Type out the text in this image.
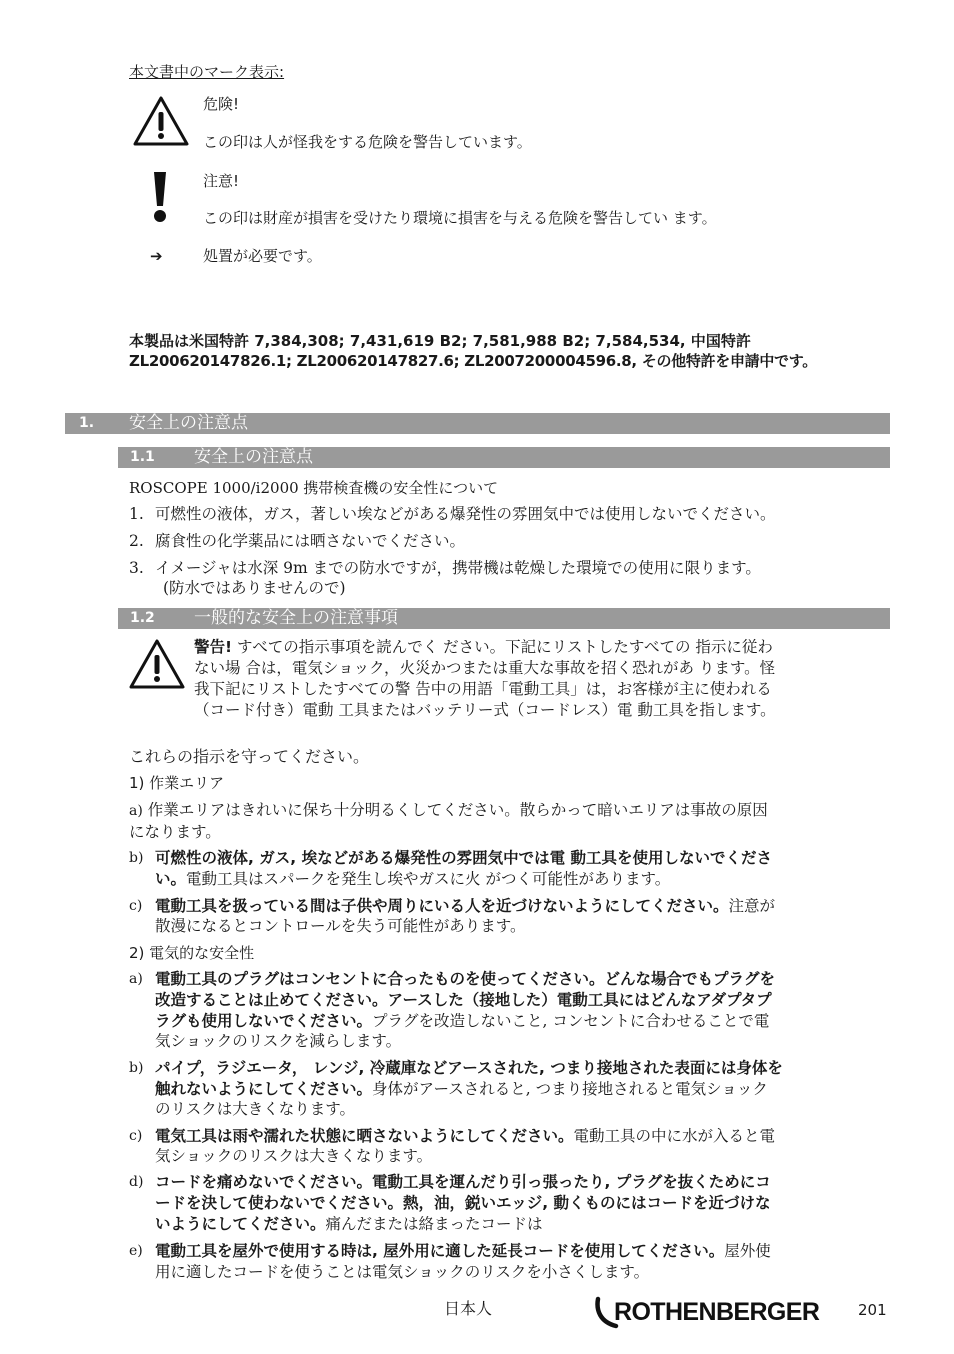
本文書中のマーク表示:
危険!
この印は人が怪我をする危険を警告しています。
注意!
この印は財産が損害を受けたり環境に損害を与える危険を警告してい ます。
➔	処置が必要です。
本製品は米国特許 7,384,308; 7,431,619 B2; 7,581,988 B2; 7,584,534, 中国特許
ZL200620147826.1; ZL200620147827.6; ZL2007200004596.8, その他特許を申請中です。
1. 安全上の注意点
1.1 安全上の注意点
ROSCOPE 1000/i2000 携帯検査機の安全性について
1. 可燃性の液体，ガス，著しい埃などがある爆発性の雰囲気中では使用しないでください。
2. 腐食性の化学薬品には晒さないでください。
3. イメージャは水深 9m までの防水ですが，携帯機は乾燥した環境での使用に限ります。
(防水ではありませんので)
1.2 一般的な安全上の注意事項
警告! すべての指示事項を読んでく ださい。下記にリストしたすべての 指示に従わ
ない場 合は，電気ショック，火災かつまたは重大な事故を招く恐れがあ ります。怪
我下記にリストしたすべての警 告中の用語「電動工具」は，お客様が主に使われる
（コード付き）電動 工具またはバッテリー式（コードレス）電 動工具を指します。
これらの指示を守ってください。
1) 作業エリア
a) 作業エリアはきれいに保ち十分明るくしてください。散らかって暗いエリアは事故の原因
になります。
b) 可燃性の液体, ガス, 埃などがある爆発性の雰囲気中では電 動工具を使用しないでくださ
い。電動工具はスパークを発生し埃やガスに火 がつく可能性があります。
c) 電動工具を扱っている間は子供や周りにいる人を近づけないようにしてください。注意が
散漫になるとコントロールを失う可能性があります。
2) 電気的な安全性
a) 電動工具のプラグはコンセントに合ったものを使ってください。どんな場合でもプラグを
改造することは止めてください。アースした（接地した）電動工具にはどんなアダプタプ
ラグも使用しないでください。プラグを改造しないこと, コンセントに合わせることで電
気ショックのリスクを減らします。
b) パイプ，ラジエータ， レンジ, 冷蔵庫などアースされた, つまり接地された表面には身体を
触れないようにしてください。身体がアースされると, つまり接地されると電気ショック
のリスクは大きくなります。
c) 電気工具は雨や濡れた状態に晒さないようにしてください。電動工具の中に水が入ると電
気ショックのリスクは大きくなります。
d) コードを痛めないでください。電動工具を運んだり引っ張ったり, プラグを抜くためにコ
ードを決して使わないでください。熱，油，鋭いエッジ, 動くものにはコードを近づけな
いようにしてください。痛んだまたは絡まったコードは
e) 電動工具を屋外で使用する時は, 屋外用に適した延長コードを使用してください。屋外使
用に適したコードを使うことは電気ショックのリスクを小さくします。
日本人	ROTHENBERGER	201
